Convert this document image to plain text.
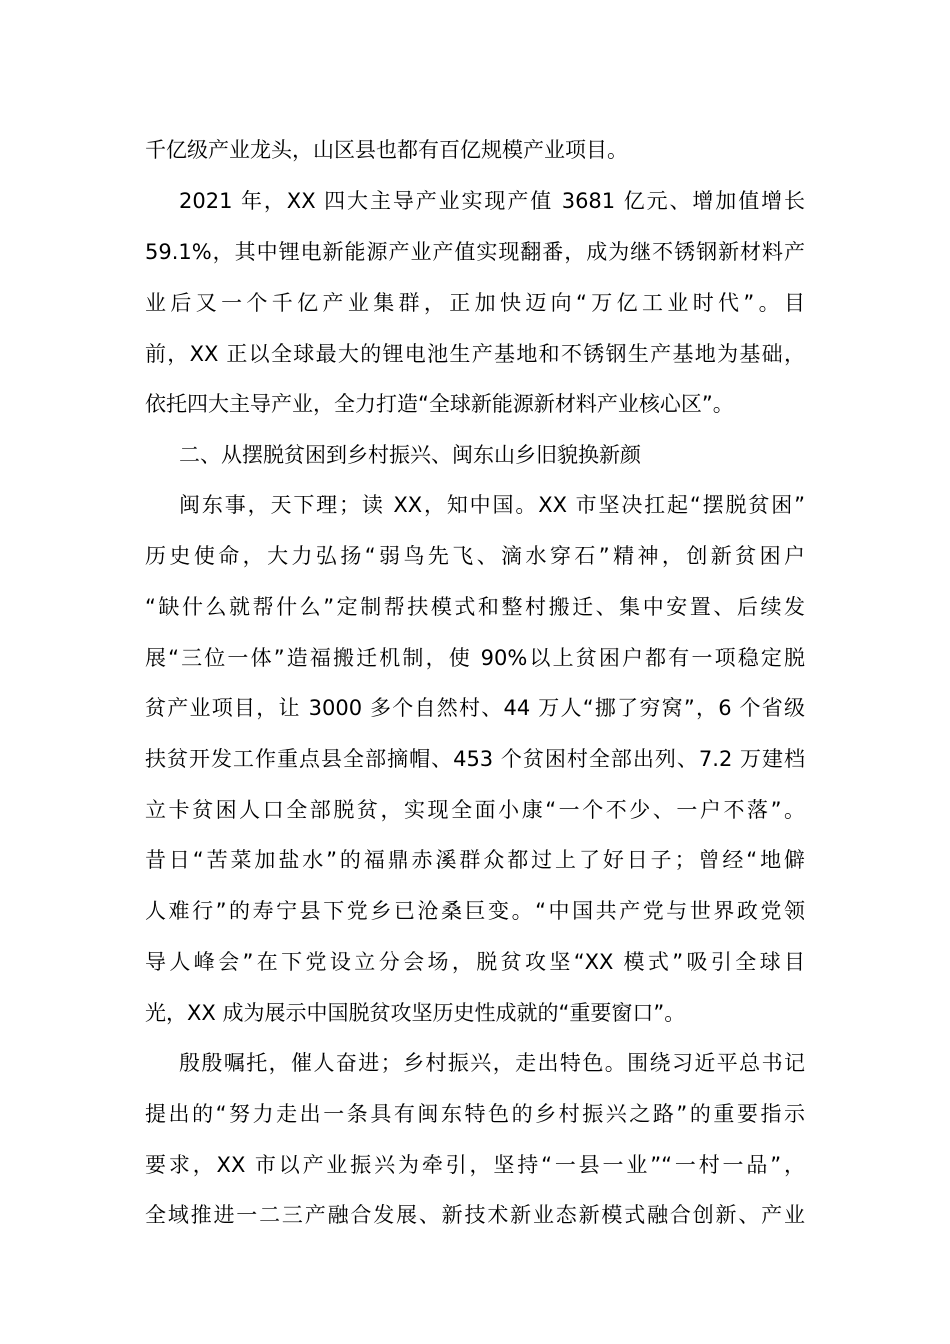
千亿级产业龙头，山区县也都有百亿规模产业项目。
2021 年，XX 四大主导产业实现产值 3681 亿元、增加值增长
59.1%，其中锂电新能源产业产值实现翻番，成为继不锈钢新材料产
业后又一个千亿产业集群，正加快迈向“万亿工业时代”。目
前，XX 正以全球最大的锂电池生产基地和不锈钢生产基地为基础，
依托四大主导产业，全力打造“全球新能源新材料产业核心区”。
二、从摆脱贫困到乡村振兴、闽东山乡旧貌换新颜
闽东事，天下理；读 XX，知中国。XX 市坚决扛起“摆脱贫困”
历史使命，大力弘扬“弱鸟先飞、滴水穿石”精神，创新贫困户
“缺什么就帮什么”定制帮扶模式和整村搬迁、集中安置、后续发
展“三位一体”造福搬迁机制，使 90%以上贫困户都有一项稳定脱
贫产业项目，让 3000 多个自然村、44 万人“挪了穷窝”，6 个省级
扶贫开发工作重点县全部摘帽、453 个贫困村全部出列、7.2 万建档
立卡贫困人口全部脱贫，实现全面小康“一个不少、一户不落”。
昔日“苦菜加盐水”的福鼎赤溪群众都过上了好日子；曾经“地僻
人难行”的寿宁县下党乡已沧桑巨变。“中国共产党与世界政党领
导人峰会”在下党设立分会场，脱贫攻坚“XX 模式”吸引全球目
光，XX 成为展示中国脱贫攻坚历史性成就的“重要窗口”。
殷殷嘱托，催人奋进；乡村振兴，走出特色。围绕习近平总书记
提出的“努力走出一条具有闽东特色的乡村振兴之路”的重要指示
要求，XX 市以产业振兴为牵引，坚持“一县一业”“一村一品”，
全域推进一二三产融合发展、新技术新业态新模式融合创新、产业
